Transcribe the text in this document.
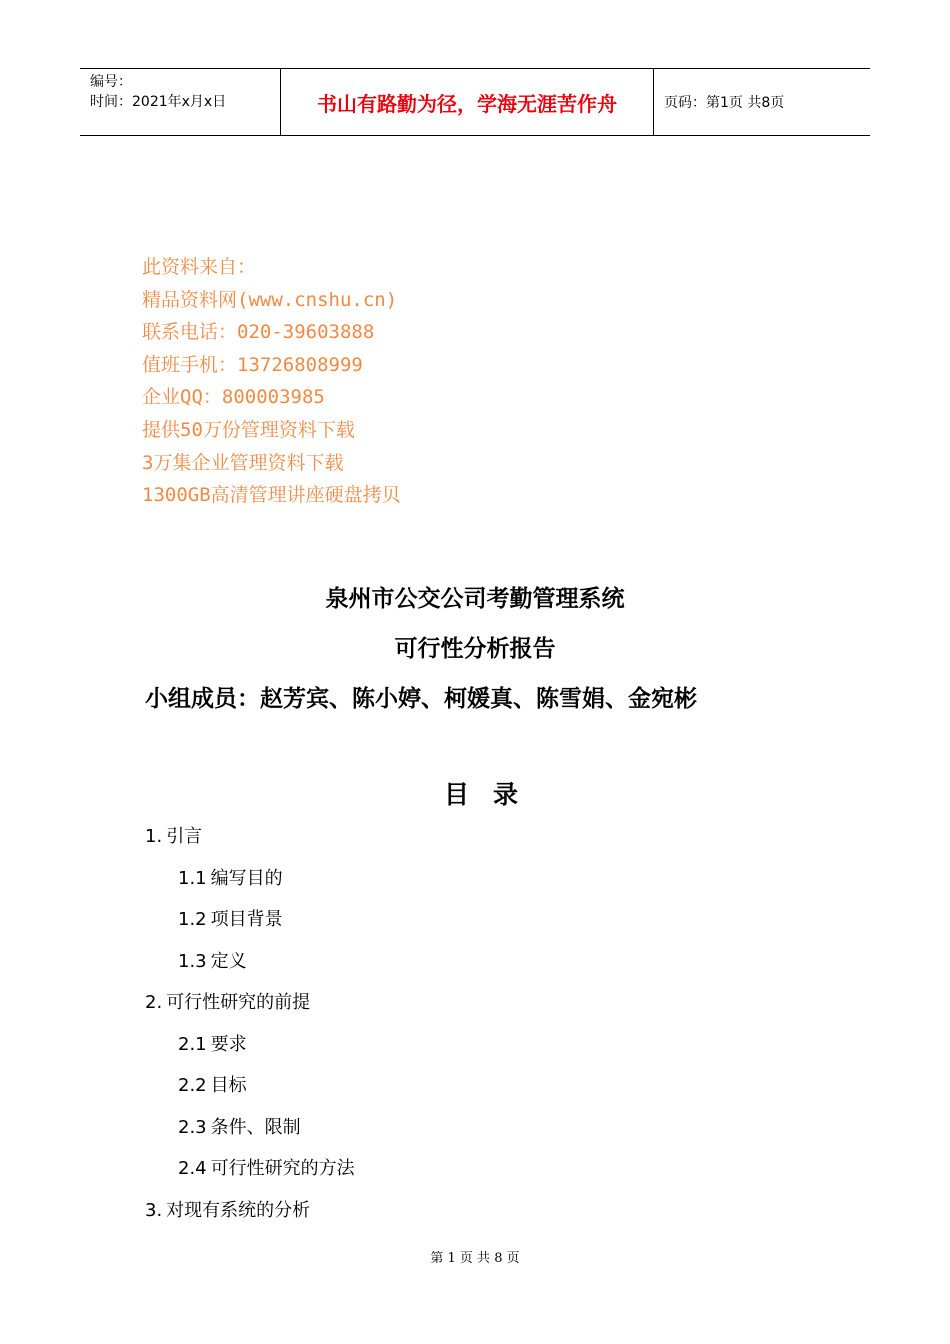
编号：
时间：2021年x月x日	书山有路勤为径，学海无涯苦作舟	页码：第1页 共8页
此资料来自：
精品资料网(www.cnshu.cn)
联系电话：020-39603888
值班手机：13726808999
企业QQ：800003985
提供50万份管理资料下载
3万集企业管理资料下载
1300GB高清管理讲座硬盘拷贝
泉州市公交公司考勤管理系统
可行性分析报告
小组成员：赵芳宾、陈小婷、柯媛真、陈雪娟、金宛彬
目录
1. 引言
1.1 编写目的
1.2 项目背景
1.3 定义
2. 可行性研究的前提
2.1 要求
2.2 目标
2.3 条件、限制
2.4 可行性研究的方法
3. 对现有系统的分析
第 1 页 共 8 页
